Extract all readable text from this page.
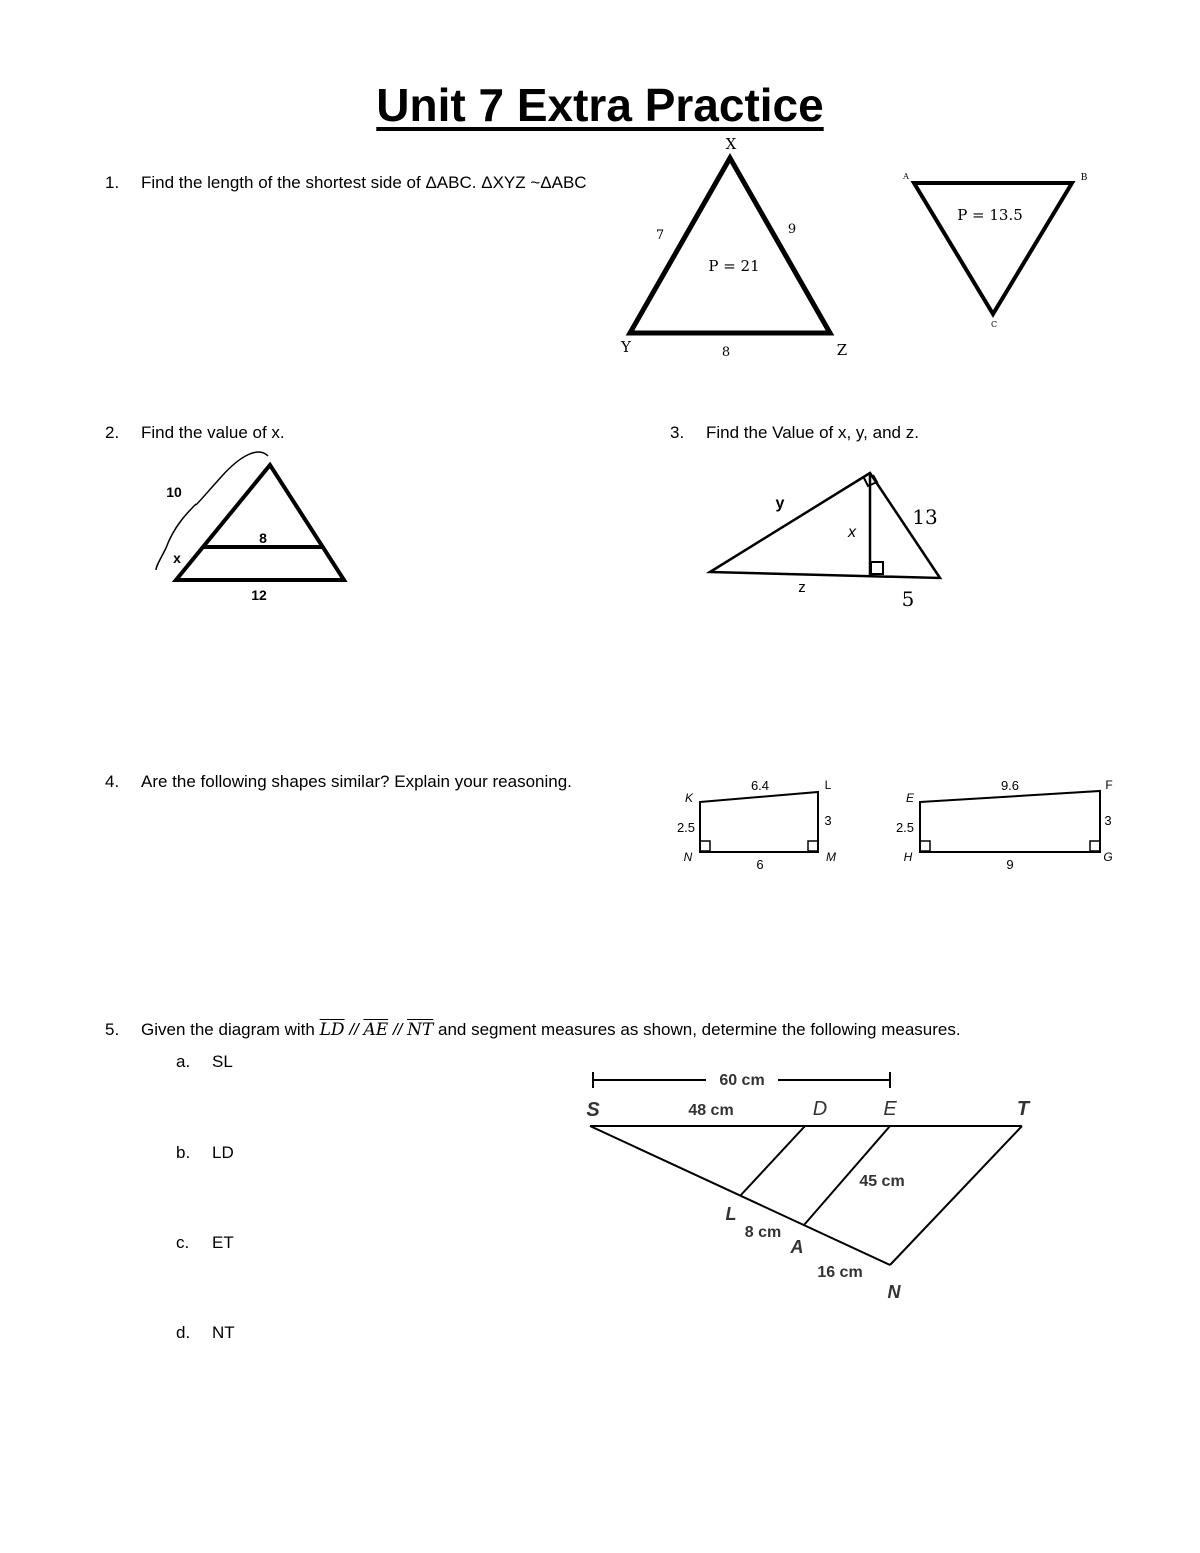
Unit 7 Extra Practice
1. Find the length of the shortest side of ΔABC. ΔXYZ ~ΔABC
X
Y	Z
7	9
8
P = 21
A	B
C
P = 13.5
2. Find the value of x.
10
x
8
12
3. Find the Value of x, y, and z.
y
x
13
z	5
4. Are the following shapes similar? Explain your reasoning.
K
L
M
N
6.4
2.5	3
6
E
F
G
H
9.6
2.5	3
9
5. Given the diagram with $\overline{LD} // \overline{AE} // \overline{NT}$ and segment measures as shown, determine the following measures.
a. SL
b. LD
c. ET
d. NT
60 cm
S	D	E	T
L
A
N
48 cm
45 cm
8 cm
16 cm
